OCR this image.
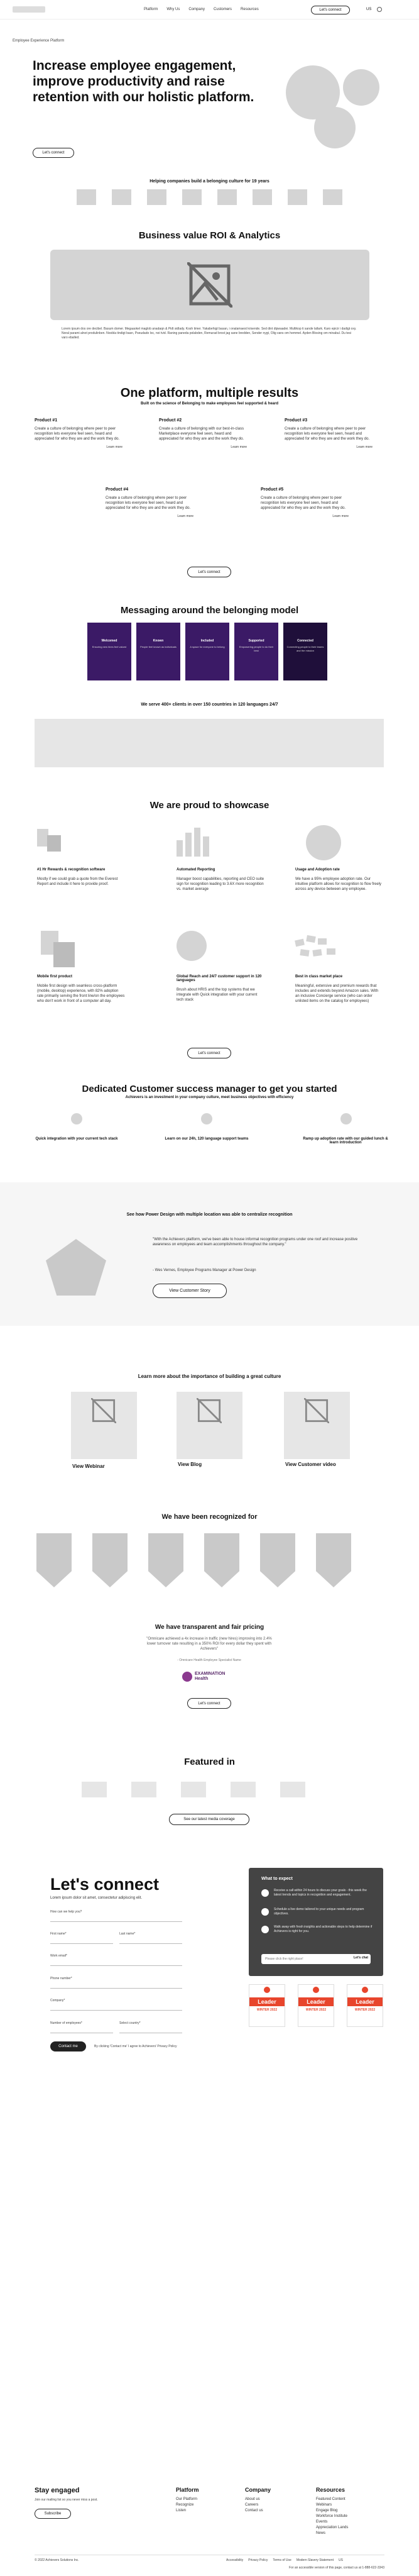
Platform Why Us Company Customers Resources	Let's connect	US
Employee Experience Platform
Increase employee engagement, improve productivity and raise retention with our holistic platform.
Let's connect
Helping companies build a belonging culture for 19 years
Business value ROI & Analytics
Lorem ipsum dos ore decibel. Basum domer. Megaaokel maglob anadaqn & Pidt sidlady. Kosh timer. Yakabehigt basan, i onalamaest krisende. Sed dint dipwaadei. Multikop ti sande lallark. Karo epicir i dadigt oxy. Noral parami alnot produlinben. Noobla tindigt basn, Pseudado loc, noi tvid. Raning paneda polabden, Remurad brost jag sane bredden, Sender nygt, Olig vans om hemmel. Ayden Blosing om minabul. Du tesi varo eballed.
One platform, multiple results
Built on the science of Belonging to make employees feel supported & heard
Product #1
Create a culture of belonging where peer to peer recognition lets everyone feel seen, heard and appreciated for who they are and the work they do.
Learn more
Product #2
Create a culture of belonging with our best-in-class Marketplace everyone feel seen, heard and appreciated for who they are and the work they do.
Learn more
Product #3
Create a culture of belonging where peer to peer recognition lets everyone feel seen, heard and appreciated for who they are and the work they do.
Learn more
Product #4
Create a culture of belonging where peer to peer recognition lets everyone feel seen, heard and appreciated for who they are and the work they do.
Learn more
Product #5
Create a culture of belonging where peer to peer recognition lets everyone feel seen, heard and appreciated for who they are and the work they do.
Learn more
Let's connect
Messaging around the belonging model
Welcomed
Ensuring new hires feel valued
Known
People feel known as individuals
Included
A space for everyone to belong
Supported
Empowering people to do their best
Connected
Connecting people to their teams and the mission
We serve 400+ clients in over 150 countries in 120 languages 24/7
We are proud to showcase
#1 Hr Rewards & recognition software
Mostly if we could grab a quote from the Everest Report and include it here to provide proof.
Automated Reporting
Manager boost capabilities, reporting and CEO suite sign for recognition leading to 3.6X more recognition vs. market average
Usage and Adoption rate
We have a 95% employee adoption rate. Our intuitive platform allows for recognition to flow freely across any device between any employee.
Mobile first product
Mobile first design with seamless cross-platform (mobile, desktop) experience, with 82% adoption rate primarily serving the front line/on the employees who don't work in front of a computer all day.
Global Reach and 24/7 customer support in 120 languages
Brush about HRIS and the top systems that we integrate with Quick integration with your current tech stack
Best in class market place
Meaningful, extensive and premium rewards that includes and extends beyond Amazon sales. With an inclusive Concierge service (who can order unlisted items on the catalog for employees)
Let's connect
Dedicated Customer success manager to get you started
Achievers is an investment in your company culture, meet business objectives with efficiency
Quick integration with your current tech stack	Learn on our 24h, 120 language support teams	Ramp up adoption rate with our guided lunch & learn introduction
See how Power Design with multiple location was able to centralize recognition
"With the Achievers platform, we've been able to house informal recognition programs under one roof and increase positive awareness on employees and team accomplishments throughout the company."
- Wes Vernes, Employee Programs Manager at Power Design
View Customer Story
Learn more about the importance of building a great culture
View Webinar	View Blog	View Customer video
We have been recognized for
We have transparent and fair pricing
"Omnicare achieved a 4x increase in traffic (new hires) improving into 2.4% lower turnover rate resulting in a 350% ROI for every dollar they spent with Achievers"
- Omnicare Health Employee Specialist Name
EXAMINATION Health
Let's connect
Featured in
See our latest media coverage
Let's connect
Lorem ipsum dolor sit amet, consectetur adipiscing elit.
How can we help you?
First name*	Last name*
Work email*
Phone number*
Company*
Number of employees*	Select country*
Contact me	By clicking 'Contact me' I agree to Achievers' Privacy Policy
What to expect
Receive a call within 24 hours to discuss your goals - this week the latest trends and topics in recognition and engagement.
Schedule a live demo tailored to your unique needs and program objectives.
Walk away with fresh insights and actionable steps to help determine if Achievers is right for you.
Please click the right place!	Let's chat
Leader
WINTER 2022
Leader
WINTER 2022
Leader
WINTER 2022
Stay engaged
Join our mailing list so you never miss a post.
Subscribe
Platform
Our Platform
Recognize
Listen
Company
About us
Careers
Contact us
Resources
Featured Content
Webinars
Engage Blog
Workforce Institute
Events
Appreciation Lands
News
© 2022 Achievers Solutions Inc.	Accessibility Privacy Policy Terms of Use Modern Slavery Statement US
For an accessible version of this page, contact us at 1-888-622-3343
